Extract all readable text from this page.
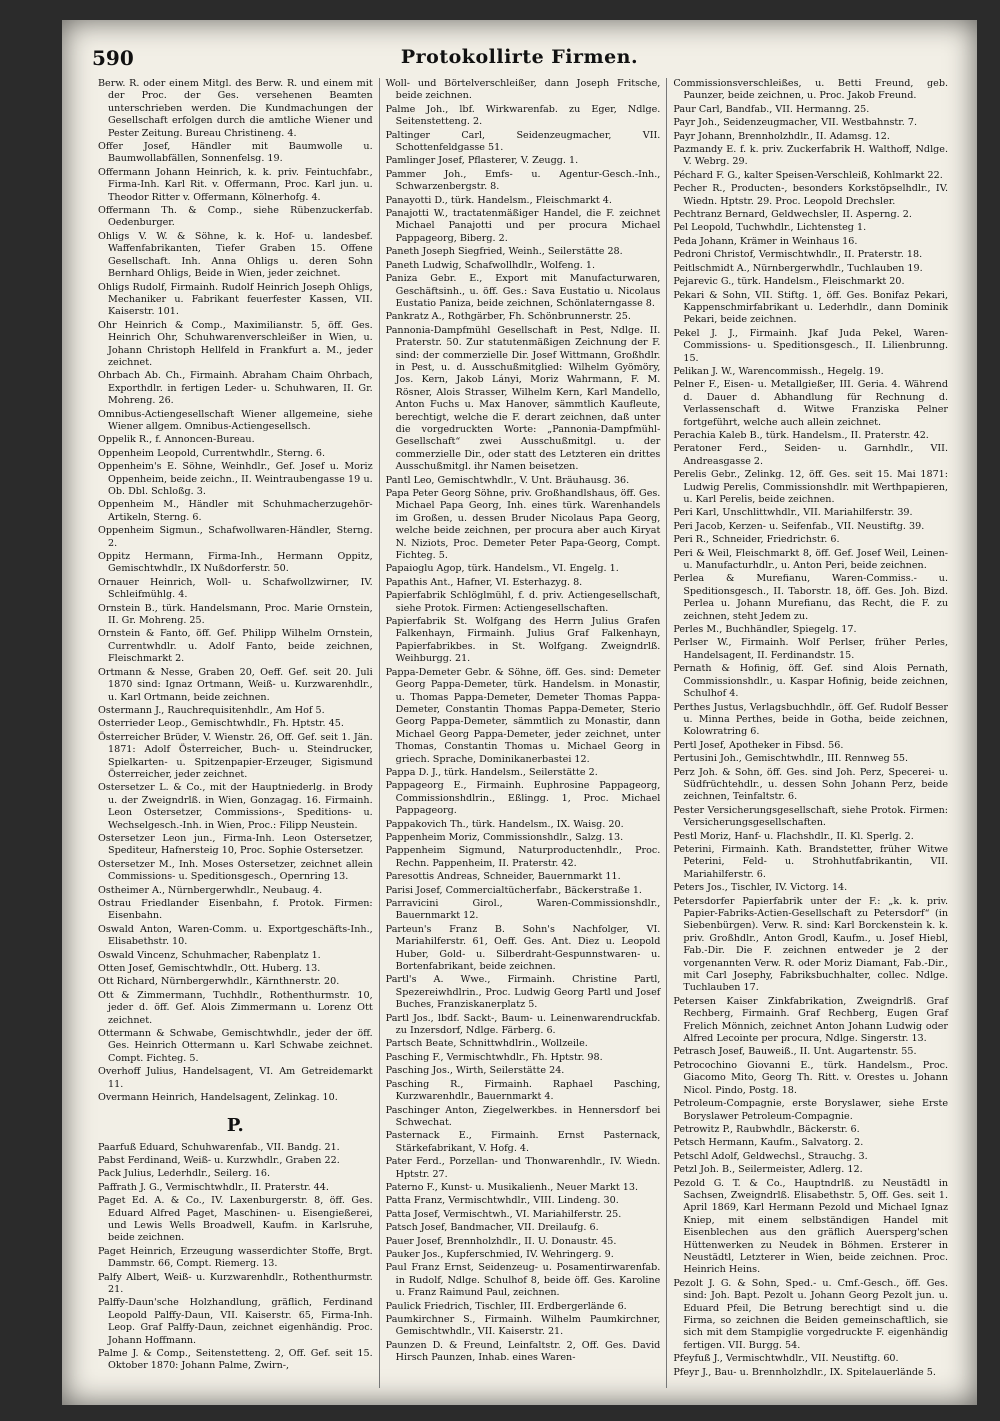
590	Protokollirte Firmen.

Berw. R. oder einem Mitgl. des Berw. R. und einem mit der Proc. der Ges. versehenen Beamten unterschrieben werden. Die Kundmachungen der Gesellschaft erfolgen durch die amtliche Wiener und Pester Zeitung. Bureau Christineng. 4.

Offer Josef, Händler mit Baumwolle u. Baumwollabfällen, Sonnenfelsg. 19.

Offermann Johann Heinrich, k. k. priv. Feintuchfabr., Firma-Inh. Karl Rit. v. Offermann, Proc. Karl jun. u. Theodor Ritter v. Offermann, Kölnerhofg. 4.

Offermann Th. & Comp., siehe Rübenzuckerfab. Oedenburger.

Ohligs V. W. & Söhne, k. k. Hof- u. landesbef. Waffenfabrikanten, Tiefer Graben 15. Offene Gesellschaft. Inh. Anna Ohligs u. deren Sohn Bernhard Ohligs, Beide in Wien, jeder zeichnet.

Ohligs Rudolf, Firmainh. Rudolf Heinrich Joseph Ohligs, Mechaniker u. Fabrikant feuerfester Kassen, VII. Kaiserstr. 101.

Ohr Heinrich & Comp., Maximilianstr. 5, öff. Ges. Heinrich Ohr, Schuhwarenverschleißer in Wien, u. Johann Christoph Hellfeld in Frankfurt a. M., jeder zeichnet.

Ohrbach Ab. Ch., Firmainh. Abraham Chaim Ohrbach, Exporthdlr. in fertigen Leder- u. Schuhwaren, II. Gr. Mohreng. 26.

Omnibus-Actiengesellschaft Wiener allgemeine, siehe Wiener allgem. Omnibus-Actiengesellsch.

Oppelik R., f. Annoncen-Bureau.

Oppenheim Leopold, Currentwhdlr., Sterng. 6.

Oppenheim's E. Söhne, Weinhdlr., Gef. Josef u. Moriz Oppenheim, beide zeichn., II. Weintraubengasse 19 u. Ob. Dbl. Schloßg. 3.

Oppenheim M., Händler mit Schuhmacherzugehör-Artikeln, Sterng. 6.

Oppenheim Sigmun., Schafwollwaren-Händler, Sterng. 2.

Oppitz Hermann, Firma-Inh., Hermann Oppitz, Gemischtwhdlr., IX Nußdorferstr. 50.

Ornauer Heinrich, Woll- u. Schafwollzwirner, IV. Schleifmühlg. 4.

Ornstein B., türk. Handelsmann, Proc. Marie Ornstein, II. Gr. Mohreng. 25.

Ornstein & Fanto, öff. Gef. Philipp Wilhelm Ornstein, Currentwhdlr. u. Adolf Fanto, beide zeichnen, Fleischmarkt 2.

Ortmann & Nesse, Graben 20, Oeff. Gef. seit 20. Juli 1870 sind: Ignaz Ortmann, Weiß- u. Kurzwarenhdlr., u. Karl Ortmann, beide zeichnen.

Ostermann J., Rauchrequisitenhdlr., Am Hof 5.

Osterrieder Leop., Gemischtwhdlr., Fh. Hptstr. 45.

Österreicher Brüder, V. Wienstr. 26, Off. Gef. seit 1. Jän. 1871: Adolf Österreicher, Buch- u. Steindrucker, Spielkarten- u. Spitzenpapier-Erzeuger, Sigismund Österreicher, jeder zeichnet.

Ostersetzer L. & Co., mit der Hauptniederlg. in Brody u. der Zweigndrlß. in Wien, Gonzagag. 16. Firmainh. Leon Ostersetzer, Commissions-, Speditions- u. Wechselgesch.-Inh. in Wien, Proc.: Filipp Neustein.

Ostersetzer Leon jun., Firma-Inh. Leon Ostersetzer, Spediteur, Hafnersteig 10, Proc. Sophie Ostersetzer.

Ostersetzer M., Inh. Moses Ostersetzer, zeichnet allein Commissions- u. Speditionsgesch., Opernring 13.

Ostheimer A., Nürnbergerwhdlr., Neubaug. 4.

Ostrau Friedlander Eisenbahn, f. Protok. Firmen: Eisenbahn.

Oswald Anton, Waren-Comm. u. Exportgeschäfts-Inh., Elisabethstr. 10.

Oswald Vincenz, Schuhmacher, Rabenplatz 1.

Otten Josef, Gemischtwhdlr., Ott. Huberg. 13.

Ott Richard, Nürnbergerwhdlr., Kärnthnerstr. 20.

Ott & Zimmermann, Tuchhdlr., Rothenthurmstr. 10, jeder d. öff. Gef. Alois Zimmermann u. Lorenz Ott zeichnet.

Ottermann & Schwabe, Gemischtwhdlr., jeder der öff. Ges. Heinrich Ottermann u. Karl Schwabe zeichnet. Compt. Fichteg. 5.

Overhoff Julius, Handelsagent, VI. Am Getreidemarkt 11.

Overmann Heinrich, Handelsagent, Zelinkag. 10.

P.

Paarfuß Eduard, Schuhwarenfab., VII. Bandg. 21.

Pabst Ferdinand, Weiß- u. Kurzwhdlr., Graben 22.

Pack Julius, Lederhdlr., Seilerg. 16.

Paffrath J. G., Vermischtwhdlr., II. Praterstr. 44.

Paget Ed. A. & Co., IV. Laxenburgerstr. 8, öff. Ges. Eduard Alfred Paget, Maschinen- u. Eisengießerei, und Lewis Wells Broadwell, Kaufm. in Karlsruhe, beide zeichnen.

Paget Heinrich, Erzeugung wasserdichter Stoffe, Brgt. Dammstr. 66, Compt. Riemerg. 13.

Palfy Albert, Weiß- u. Kurzwarenhdlr., Rothenthurmstr. 21.

Palffy-Daun'sche Holzhandlung, gräflich, Ferdinand Leopold Palffy-Daun, VII. Kaiserstr. 65, Firma-Inh. Leop. Graf Palffy-Daun, zeichnet eigenhändig. Proc. Johann Hoffmann.

Palme J. & Comp., Seitenstetteng. 2, Off. Gef. seit 15. Oktober 1870: Johann Palme, Zwirn-,

Woll- und Börtelverschleißer, dann Joseph Fritsche, beide zeichnen.

Palme Joh., lbf. Wirkwarenfab. zu Eger, Ndlge. Seitenstetteng. 2.

Paltinger Carl, Seidenzeugmacher, VII. Schottenfeldgasse 51.

Pamlinger Josef, Pflasterer, V. Zeugg. 1.

Pammer Joh., Emfs- u. Agentur-Gesch.-Inh., Schwarzenbergstr. 8.

Panayotti D., türk. Handelsm., Fleischmarkt 4.

Panajotti W., tractatenmäßiger Handel, die F. zeichnet Michael Panajotti und per procura Michael Pappageorg, Biberg. 2.

Paneth Joseph Siegfried, Weinh., Seilerstätte 28.

Paneth Ludwig, Schafwollhdlr., Wolfeng. 1.

Paniza Gebr. E., Export mit Manufacturwaren, Geschäftsinh., u. öff. Ges.: Sava Eustatio u. Nicolaus Eustatio Paniza, beide zeichnen, Schönlaterngasse 8.

Pankratz A., Rothgärber, Fh. Schönbrunnerstr. 25.

Pannonia-Dampfmühl Gesellschaft in Pest, Ndlge. II. Praterstr. 50. Zur statutenmäßigen Zeichnung der F. sind: der commerzielle Dir. Josef Wittmann, Großhdlr. in Pest, u. d. Ausschußmitglied: Wilhelm Gyömöry, Jos. Kern, Jakob Lányi, Moriz Wahrmann, F. M. Rösner, Alois Strasser, Wilhelm Kern, Karl Mandello, Anton Fuchs u. Max Hanover, sämmtlich Kaufleute, berechtigt, welche die F. derart zeichnen, daß unter die vorgedruckten Worte: „Pannonia-Dampfmühl-Gesellschaft“ zwei Ausschußmitgl. u. der commerzielle Dir., oder statt des Letzteren ein drittes Ausschußmitgl. ihr Namen beisetzen.

Pantl Leo, Gemischtwhdlr., V. Unt. Bräuhausg. 36.

Papa Peter Georg Söhne, priv. Großhandlshaus, öff. Ges. Michael Papa Georg, Inh. eines türk. Warenhandels im Großen, u. dessen Bruder Nicolaus Papa Georg, welche beide zeichnen, per procura aber auch Kiryat N. Niziots, Proc. Demeter Peter Papa-Georg, Compt. Fichteg. 5.

Papaioglu Agop, türk. Handelsm., VI. Engelg. 1.

Papathis Ant., Hafner, VI. Esterhazyg. 8.

Papierfabrik Schlöglmühl, f. d. priv. Actiengesellschaft, siehe Protok. Firmen: Actiengesellschaften.

Papierfabrik St. Wolfgang des Herrn Julius Grafen Falkenhayn, Firmainh. Julius Graf Falkenhayn, Papierfabrikbes. in St. Wolfgang. Zweigndrlß. Weihburgg. 21.

Pappa-Demeter Gebr. & Söhne, öff. Ges. sind: Demeter Georg Pappa-Demeter, türk. Handelsm. in Monastir, u. Thomas Pappa-Demeter, Demeter Thomas Pappa-Demeter, Constantin Thomas Pappa-Demeter, Sterio Georg Pappa-Demeter, sämmtlich zu Monastir, dann Michael Georg Pappa-Demeter, jeder zeichnet, unter Thomas, Constantin Thomas u. Michael Georg in griech. Sprache, Dominikanerbastei 12.

Pappa D. J., türk. Handelsm., Seilerstätte 2.

Pappageorg E., Firmainh. Euphrosine Pappageorg, Commissionshdlrin., Eßlingg. 1, Proc. Michael Pappageorg.

Pappakovich Th., türk. Handelsm., IX. Waisg. 20.

Pappenheim Moriz, Commissionshdlr., Salzg. 13.

Pappenheim Sigmund, Naturproductenhdlr., Proc. Rechn. Pappenheim, II. Praterstr. 42.

Paresottis Andreas, Schneider, Bauernmarkt 11.

Parisi Josef, Commercialtücherfabr., Bäckerstraße 1.

Parravicini Girol., Waren-Commissionshdlr., Bauernmarkt 12.

Parteun's Franz B. Sohn's Nachfolger, VI. Mariahilferstr. 61, Oeff. Ges. Ant. Diez u. Leopold Huber, Gold- u. Silberdraht-Gespunnstwaren- u. Bortenfabrikant, beide zeichnen.

Partl's A. Wwe., Firmainh. Christine Partl, Spezereiwhdlrin., Proc. Ludwig Georg Partl und Josef Buches, Franziskanerplatz 5.

Partl Jos., lbdf. Sackt-, Baum- u. Leinenwarendruckfab. zu Inzersdorf, Ndlge. Färberg. 6.

Partsch Beate, Schnittwhdlrin., Wollzeile.

Pasching F., Vermischtwhdlr., Fh. Hptstr. 98.

Pasching Jos., Wirth, Seilerstätte 24.

Pasching R., Firmainh. Raphael Pasching, Kurzwarenhdlr., Bauernmarkt 4.

Paschinger Anton, Ziegelwerkbes. in Hennersdorf bei Schwechat.

Pasternack E., Firmainh. Ernst Pasternack, Stärkefabrikant, V. Hofg. 4.

Pater Ferd., Porzellan- und Thonwarenhdlr., IV. Wiedn. Hptstr. 27.

Paterno F., Kunst- u. Musikalienh., Neuer Markt 13.

Patta Franz, Vermischtwhdlr., VIII. Lindeng. 30.

Patta Josef, Vermischtwh., VI. Mariahilferstr. 25.

Patsch Josef, Bandmacher, VII. Dreilaufg. 6.

Pauer Josef, Brennholzhdlr., II. U. Donaustr. 45.

Pauker Jos., Kupferschmied, IV. Wehringerg. 9.

Paul Franz Ernst, Seidenzeug- u. Posamentirwarenfab. in Rudolf, Ndlge. Schulhof 8, beide öff. Ges. Karoline u. Franz Raimund Paul, zeichnen.

Paulick Friedrich, Tischler, III. Erdbergerlände 6.

Paumkirchner S., Firmainh. Wilhelm Paumkirchner, Gemischtwhdlr., VII. Kaiserstr. 21.

Paunzen D. & Freund, Leinfaltstr. 2, Off. Ges. David Hirsch Paunzen, Inhab. eines Waren-

Commissionsverschleißes, u. Betti Freund, geb. Paunzer, beide zeichnen, u. Proc. Jakob Freund.

Paur Carl, Bandfab., VII. Hermanng. 25.

Payr Joh., Seidenzeugmacher, VII. Westbahnstr. 7.

Payr Johann, Brennholzhdlr., II. Adamsg. 12.

Pazmandy E. f. k. priv. Zuckerfabrik H. Walthoff, Ndlge. V. Webrg. 29.

Péchard F. G., kalter Speisen-Verschleiß, Kohlmarkt 22.

Pecher R., Producten-, besonders Korkstöpselhdlr., IV. Wiedn. Hptstr. 29. Proc. Leopold Drechsler.

Pechtranz Bernard, Geldwechsler, II. Asperng. 2.

Pel Leopold, Tuchwhdlr., Lichtensteg 1.

Peda Johann, Krämer in Weinhaus 16.

Pedroni Christof, Vermischtwhdlr., II. Praterstr. 18.

Peitlschmidt A., Nürnbergerwhdlr., Tuchlauben 19.

Pejarevic G., türk. Handelsm., Fleischmarkt 20.

Pekari & Sohn, VII. Stiftg. 1, öff. Ges. Bonifaz Pekari, Kappenschmirfabrikant u. Lederhdlr., dann Dominik Pekari, beide zeichnen.

Pekel J. J., Firmainh. Jkaf Juda Pekel, Waren-Commissions- u. Speditionsgesch., II. Lilienbrunng. 15.

Pelikan J. W., Warencommissh., Hegelg. 19.

Pelner F., Eisen- u. Metallgießer, III. Geria. 4. Während d. Dauer d. Abhandlung für Rechnung d. Verlassenschaft d. Witwe Franziska Pelner fortgeführt, welche auch allein zeichnet.

Perachia Kaleb B., türk. Handelsm., II. Praterstr. 42.

Peratoner Ferd., Seiden- u. Garnhdlr., VII. Andreasgasse 2.

Perelis Gebr., Zelinkg. 12, öff. Ges. seit 15. Mai 1871: Ludwig Perelis, Commissionshdlr. mit Werthpapieren, u. Karl Perelis, beide zeichnen.

Peri Karl, Unschlittwhdlr., VII. Mariahilferstr. 39.

Peri Jacob, Kerzen- u. Seifenfab., VII. Neustiftg. 39.

Peri R., Schneider, Friedrichstr. 6.

Peri & Weil, Fleischmarkt 8, öff. Gef. Josef Weil, Leinen- u. Manufacturhdlr., u. Anton Peri, beide zeichnen.

Perlea & Murefianu, Waren-Commiss.- u. Speditionsgesch., II. Taborstr. 18, öff. Ges. Joh. Bizd. Perlea u. Johann Murefianu, das Recht, die F. zu zeichnen, steht Jedem zu.

Perles M., Buchhändler, Spiegelg. 17.

Perlser W., Firmainh. Wolf Perlser, früher Perles, Handelsagent, II. Ferdinandstr. 15.

Pernath & Hofinig, öff. Gef. sind Alois Pernath, Commissionshdlr., u. Kaspar Hofinig, beide zeichnen, Schulhof 4.

Perthes Justus, Verlagsbuchhdlr., öff. Gef. Rudolf Besser u. Minna Perthes, beide in Gotha, beide zeichnen, Kolowratring 6.

Pertl Josef, Apotheker in Fibsd. 56.

Pertusini Joh., Gemischtwhdlr., III. Rennweg 55.

Perz Joh. & Sohn, öff. Ges. sind Joh. Perz, Specerei- u. Südfrüchtehdlr., u. dessen Sohn Johann Perz, beide zeichnen, Teinfaltstr. 6.

Pester Versicherungsgesellschaft, siehe Protok. Firmen: Versicherungsgesellschaften.

Pestl Moriz, Hanf- u. Flachshdlr., II. Kl. Sperlg. 2.

Peterini, Firmainh. Kath. Brandstetter, früher Witwe Peterini, Feld- u. Strohhutfabrikantin, VII. Mariahilferstr. 6.

Peters Jos., Tischler, IV. Victorg. 14.

Petersdorfer Papierfabrik unter der F.: „k. k. priv. Papier-Fabriks-Actien-Gesellschaft zu Petersdorf“ (in Siebenbürgen). Verw. R. sind: Karl Borckenstein k. k. priv. Großhdlr., Anton Grodl, Kaufm., u. Josef Hiebl, Fab.-Dir. Die F. zeichnen entweder je 2 der vorgenannten Verw. R. oder Moriz Diamant, Fab.-Dir., mit Carl Josephy, Fabriksbuchhalter, collec. Ndlge. Tuchlauben 17.

Petersen Kaiser Zinkfabrikation, Zweigndrlß. Graf Rechberg, Firmainh. Graf Rechberg, Eugen Graf Frelich Mönnich, zeichnet Anton Johann Ludwig oder Alfred Lecointe per procura, Ndlge. Singerstr. 13.

Petrasch Josef, Bauweiß., II. Unt. Augartenstr. 55.

Petrocochino Giovanni E., türk. Handelsm., Proc. Giacomo Mito, Georg Th. Ritt. v. Orestes u. Johann Nicol. Pindo, Postg. 18.

Petroleum-Compagnie, erste Boryslawer, siehe Erste Boryslawer Petroleum-Compagnie.

Petrowitz P., Raubwhdlr., Bäckerstr. 6.

Petsch Hermann, Kaufm., Salvatorg. 2.

Petschl Adolf, Geldwechsl., Strauchg. 3.

Petzl Joh. B., Seilermeister, Adlerg. 12.

Pezold G. T. & Co., Hauptndrlß. zu Neustädtl in Sachsen, Zweigndrlß. Elisabethstr. 5, Off. Ges. seit 1. April 1869, Karl Hermann Pezold und Michael Ignaz Kniep, mit einem selbständigen Handel mit Eisenblechen aus den gräflich Auersperg'schen Hüttenwerken zu Neudek in Böhmen. Ersterer in Neustädtl, Letzterer in Wien, beide zeichnen. Proc. Heinrich Heins.

Pezolt J. G. & Sohn, Sped.- u. Cmf.-Gesch., öff. Ges. sind: Joh. Bapt. Pezolt u. Johann Georg Pezolt jun. u. Eduard Pfeil, Die Betrung berechtigt sind u. die Firma, so zeichnen die Beiden gemeinschaftlich, sie sich mit dem Stampiglie vorgedruckte F. eigenhändig fertigen. VII. Burgg. 54.

Pfeyfuß J., Vermischtwhdlr., VII. Neustiftg. 60.

Pfeyr J., Bau- u. Brennholzhdlr., IX. Spitelauerlände 5.
